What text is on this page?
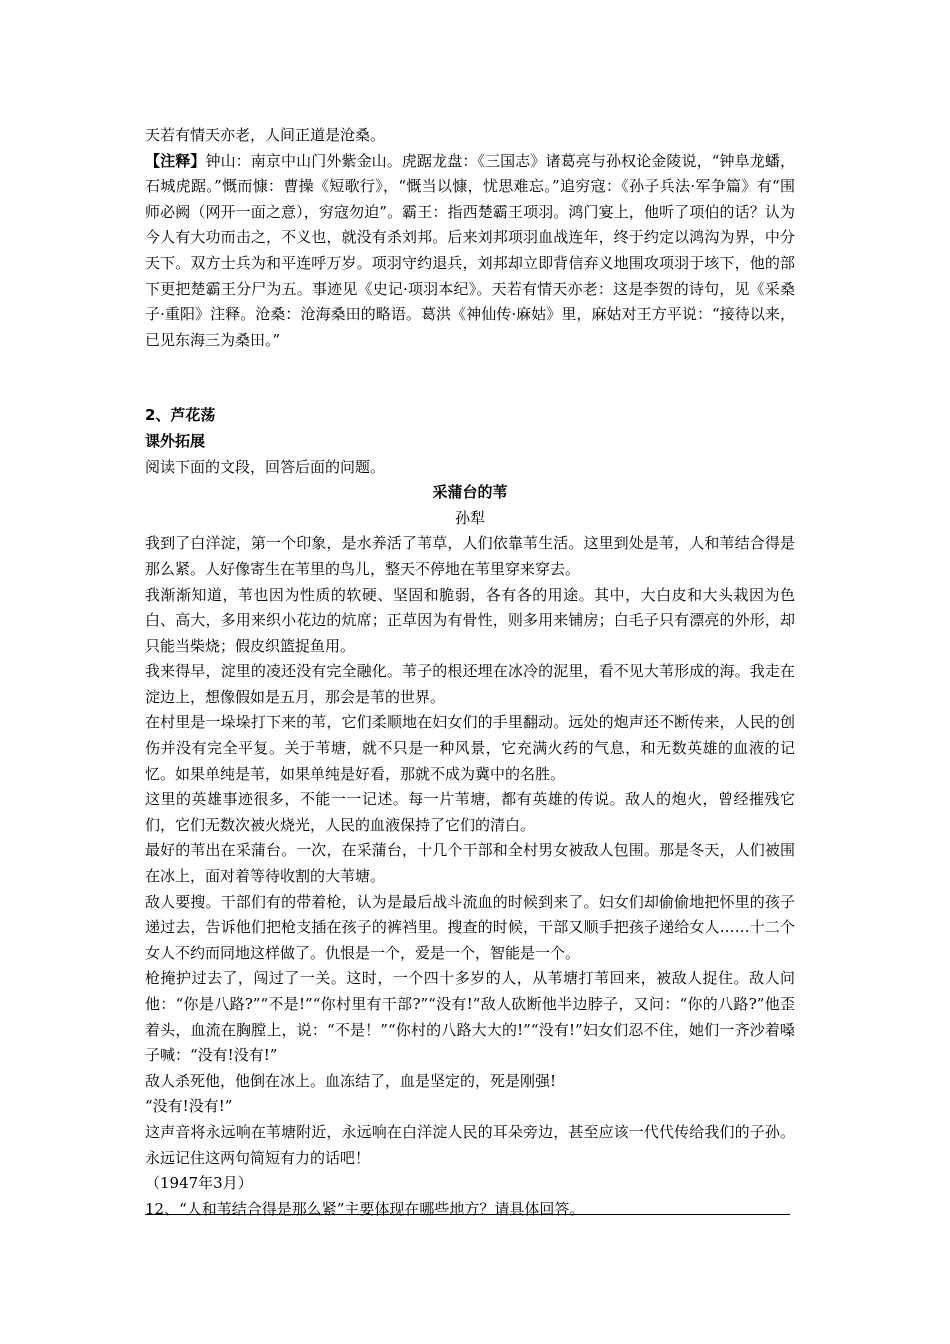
天若有情天亦老，人间正道是沧桑。

【注释】钟山：南京中山门外紫金山。虎踞龙盘：《三国志》诸葛亮与孙权论金陵说，“钟阜龙蟠，石城虎踞。”慨而慷：曹操《短歌行》，“慨当以慷，忧思难忘。”追穷寇：《孙子兵法·军争篇》有“围师必阙（网开一面之意），穷寇勿迫”。霸王：指西楚霸王项羽。鸿门宴上，他听了项伯的话？认为今人有大功而击之，不义也，就没有杀刘邦。后来刘邦项羽血战连年，终于约定以鸿沟为界，中分天下。双方士兵为和平连呼万岁。项羽守约退兵，刘邦却立即背信弃义地围攻项羽于垓下，他的部下更把楚霸王分尸为五。事迹见《史记·项羽本纪》。天若有情天亦老：这是李贺的诗句，见《采桑子·重阳》注释。沧桑：沧海桑田的略语。葛洪《神仙传·麻姑》里，麻姑对王方平说：“接待以来，已见东海三为桑田。”

2、芦花荡

课外拓展

阅读下面的文段，回答后面的问题。

采蒲台的苇

孙犁

我到了白洋淀，第一个印象，是水养活了苇草，人们依靠苇生活。这里到处是苇，人和苇结合得是那么紧。人好像寄生在苇里的鸟儿，整天不停地在苇里穿来穿去。

我渐渐知道，苇也因为性质的软硬、坚固和脆弱，各有各的用途。其中，大白皮和大头栽因为色白、高大，多用来织小花边的炕席；正草因为有骨性，则多用来铺房；白毛子只有漂亮的外形，却只能当柴烧；假皮织篮捉鱼用。

我来得早，淀里的凌还没有完全融化。苇子的根还埋在冰冷的泥里，看不见大苇形成的海。我走在淀边上，想像假如是五月，那会是苇的世界。

在村里是一垛垛打下来的苇，它们柔顺地在妇女们的手里翻动。远处的炮声还不断传来，人民的创伤并没有完全平复。关于苇塘，就不只是一种风景，它充满火药的气息，和无数英雄的血液的记忆。如果单纯是苇，如果单纯是好看，那就不成为冀中的名胜。

这里的英雄事迹很多，不能一一记述。每一片苇塘，都有英雄的传说。敌人的炮火，曾经摧残它们，它们无数次被火烧光，人民的血液保持了它们的清白。

最好的苇出在采蒲台。一次，在采蒲台，十几个干部和全村男女被敌人包围。那是冬天，人们被围在冰上，面对着等待收割的大苇塘。

敌人要搜。干部们有的带着枪，认为是最后战斗流血的时候到来了。妇女们却偷偷地把怀里的孩子递过去，告诉他们把枪支插在孩子的裤裆里。搜查的时候，干部又顺手把孩子递给女人……十二个女人不约而同地这样做了。仇恨是一个，爱是一个，智能是一个。

枪掩护过去了，闯过了一关。这时，一个四十多岁的人，从苇塘打苇回来，被敌人捉住。敌人问他：“你是八路?”“不是!”“你村里有干部?”“没有!”敌人砍断他半边脖子，又问：“你的八路?”他歪着头，血流在胸膛上，说：“不是！”“你村的八路大大的!”“没有!”妇女们忍不住，她们一齐沙着嗓子喊：“没有!没有!”

敌人杀死他，他倒在冰上。血冻结了，血是坚定的，死是刚强!

“没有!没有!”

这声音将永远响在苇塘附近，永远响在白洋淀人民的耳朵旁边，甚至应该一代代传给我们的子孙。永远记住这两句简短有力的话吧！

（1947年3月）

12、“人和苇结合得是那么紧”主要体现在哪些地方？请具体回答。
